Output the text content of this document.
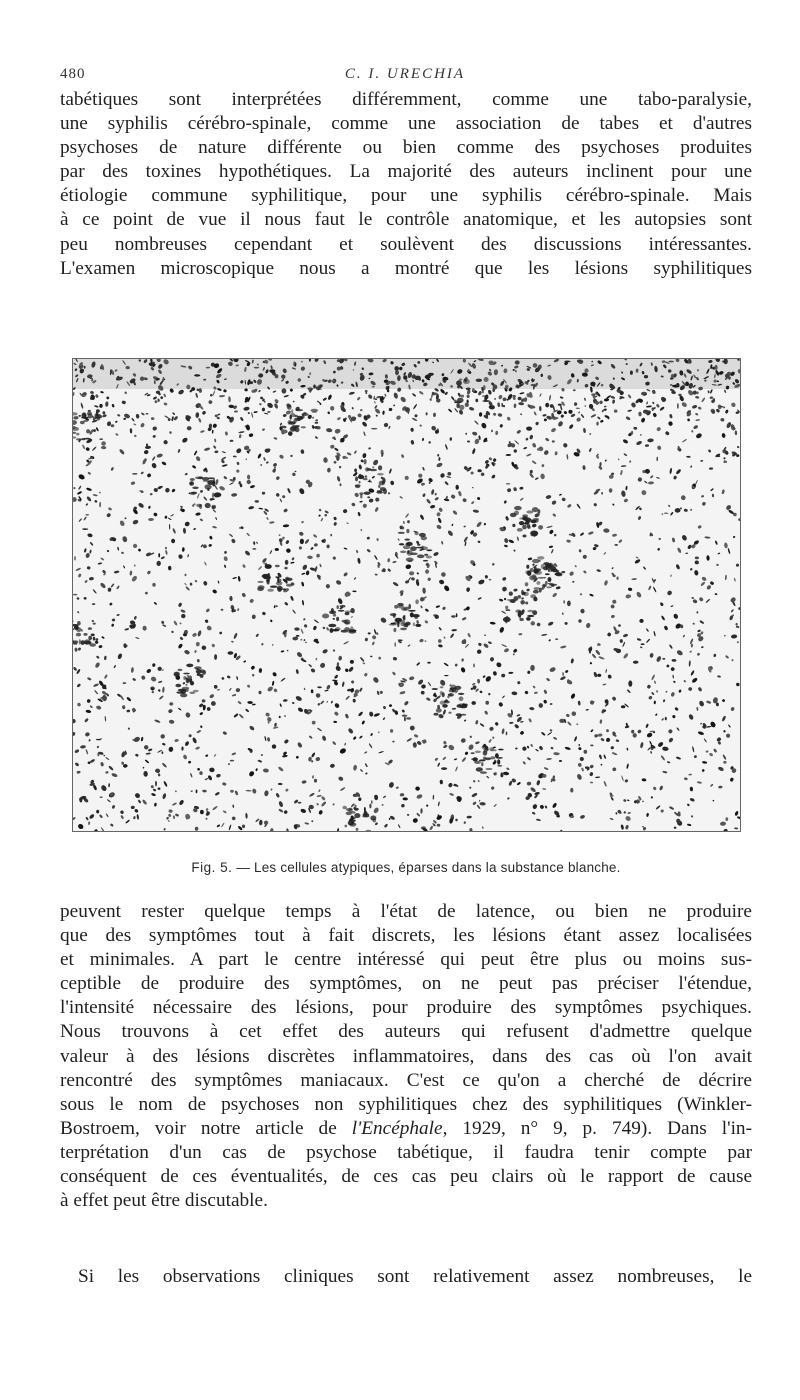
480	C. I. URECHIA

tabétiques sont interprétées différemment, comme une tabo-paralysie,
une syphilis cérébro-spinale, comme une association de tabes et d'autres
psychoses de nature différente ou bien comme des psychoses produites
par des toxines hypothétiques. La majorité des auteurs inclinent pour une
étiologie commune syphilitique, pour une syphilis cérébro-spinale. Mais
à ce point de vue il nous faut le contrôle anatomique, et les autopsies sont
peu nombreuses cependant et soulèvent des discussions intéressantes.
L'examen microscopique nous a montré que les lésions syphilitiques

Fig. 5. — Les cellules atypiques, éparses dans la substance blanche.

peuvent rester quelque temps à l'état de latence, ou bien ne produire
que des symptômes tout à fait discrets, les lésions étant assez localisées
et minimales. A part le centre intéressé qui peut être plus ou moins sus-
ceptible de produire des symptômes, on ne peut pas préciser l'étendue,
l'intensité nécessaire des lésions, pour produire des symptômes psychiques.
Nous trouvons à cet effet des auteurs qui refusent d'admettre quelque
valeur à des lésions discrètes inflammatoires, dans des cas où l'on avait
rencontré des symptômes maniacaux. C'est ce qu'on a cherché de décrire
sous le nom de psychoses non syphilitiques chez des syphilitiques (Winkler-
Bostroem, voir notre article de l'Encéphale, 1929, n° 9, p. 749). Dans l'in-
terprétation d'un cas de psychose tabétique, il faudra tenir compte par
conséquent de ces éventualités, de ces cas peu clairs où le rapport de cause
à effet peut être discutable.

Si les observations cliniques sont relativement assez nombreuses, le
